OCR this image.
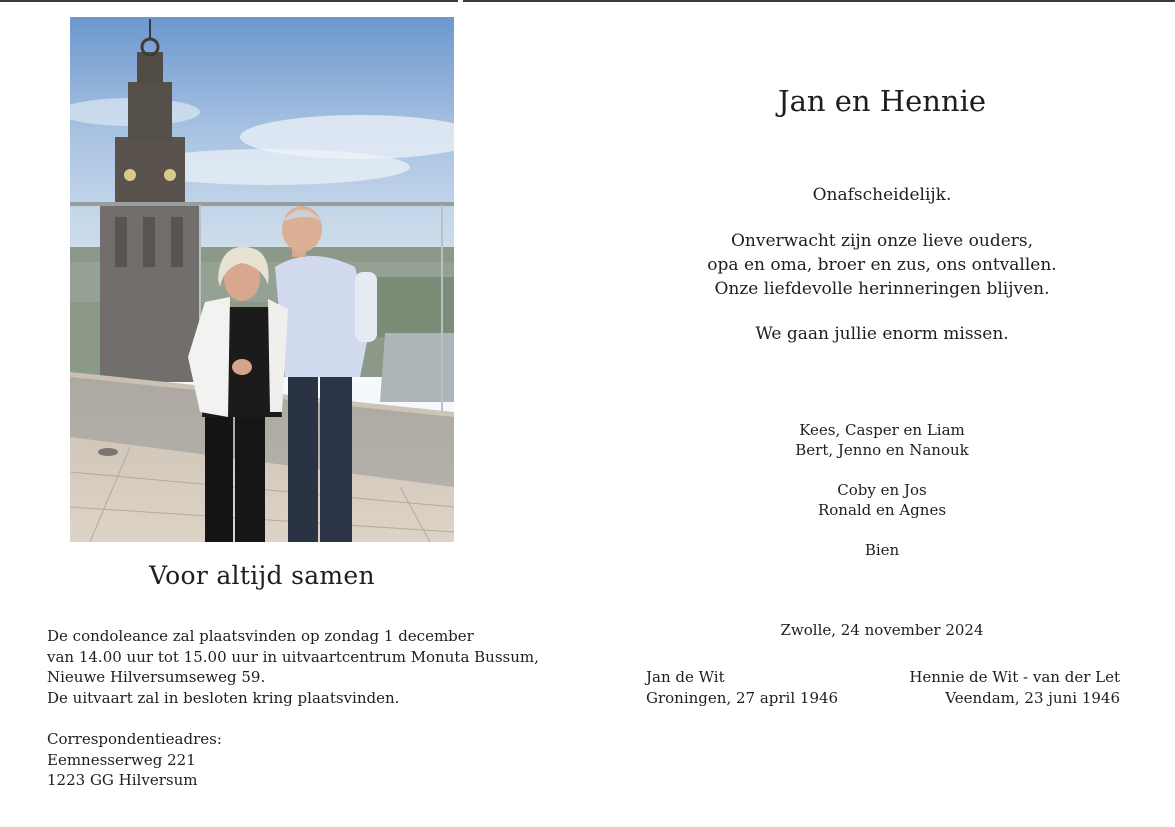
Voor altijd samen
De condoleance zal plaatsvinden op zondag 1 december
van 14.00 uur tot 15.00 uur in uitvaartcentrum Monuta Bussum,
Nieuwe Hilversumseweg 59.
De uitvaart zal in besloten kring plaatsvinden.
Correspondentieadres:
Eemnesserweg 221
1223 GG Hilversum
Jan en Hennie
Onafscheidelijk.
Onverwacht zijn onze lieve ouders,
opa en oma, broer en zus, ons ontvallen.
Onze liefdevolle herinneringen blijven.
We gaan jullie enorm missen.
Kees, Casper en Liam
Bert, Jenno en Nanouk
Coby en Jos
Ronald en Agnes
Bien
Zwolle, 24 november 2024
Jan de Wit
Groningen, 27 april 1946
Hennie de Wit - van der Let
Veendam, 23 juni 1946
